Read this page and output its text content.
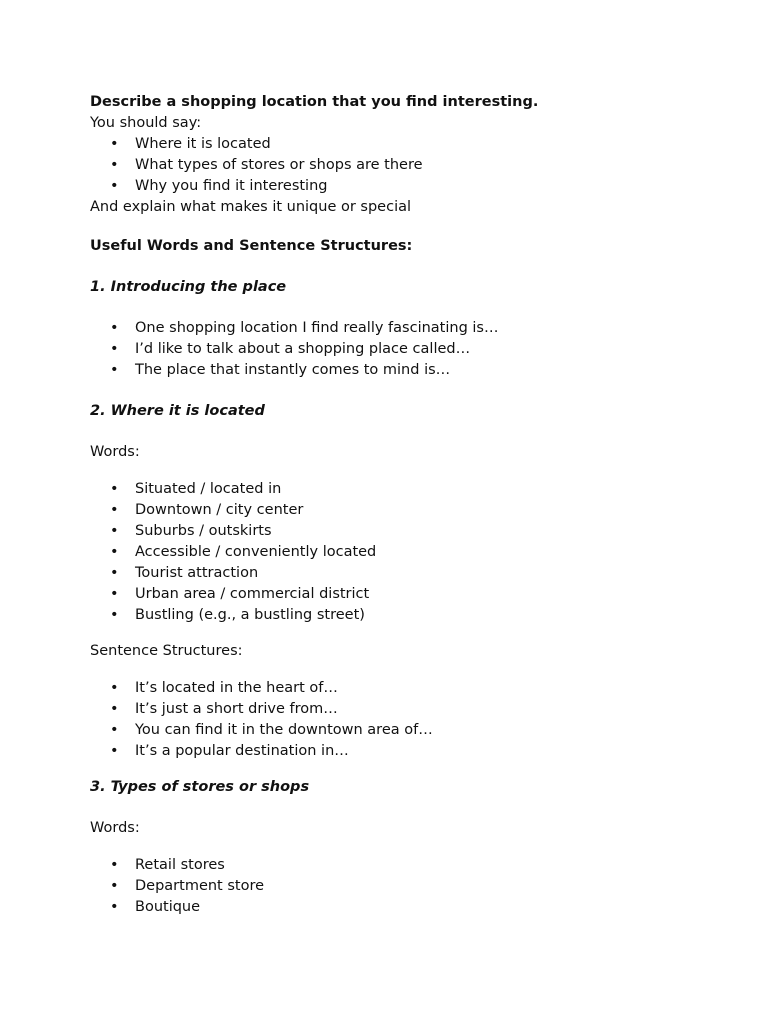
Describe a shopping location that you find interesting.

You should say:

• Where it is located
• What types of stores or shops are there
• Why you find it interesting

And explain what makes it unique or special

Useful Words and Sentence Structures:

1. Introducing the place

• One shopping location I find really fascinating is…
• I’d like to talk about a shopping place called…
• The place that instantly comes to mind is…

2. Where it is located

Words:

• Situated / located in
• Downtown / city center
• Suburbs / outskirts
• Accessible / conveniently located
• Tourist attraction
• Urban area / commercial district
• Bustling (e.g., a bustling street)

Sentence Structures:

• It’s located in the heart of…
• It’s just a short drive from…
• You can find it in the downtown area of…
• It’s a popular destination in…

3. Types of stores or shops

Words:

• Retail stores
• Department store
• Boutique
